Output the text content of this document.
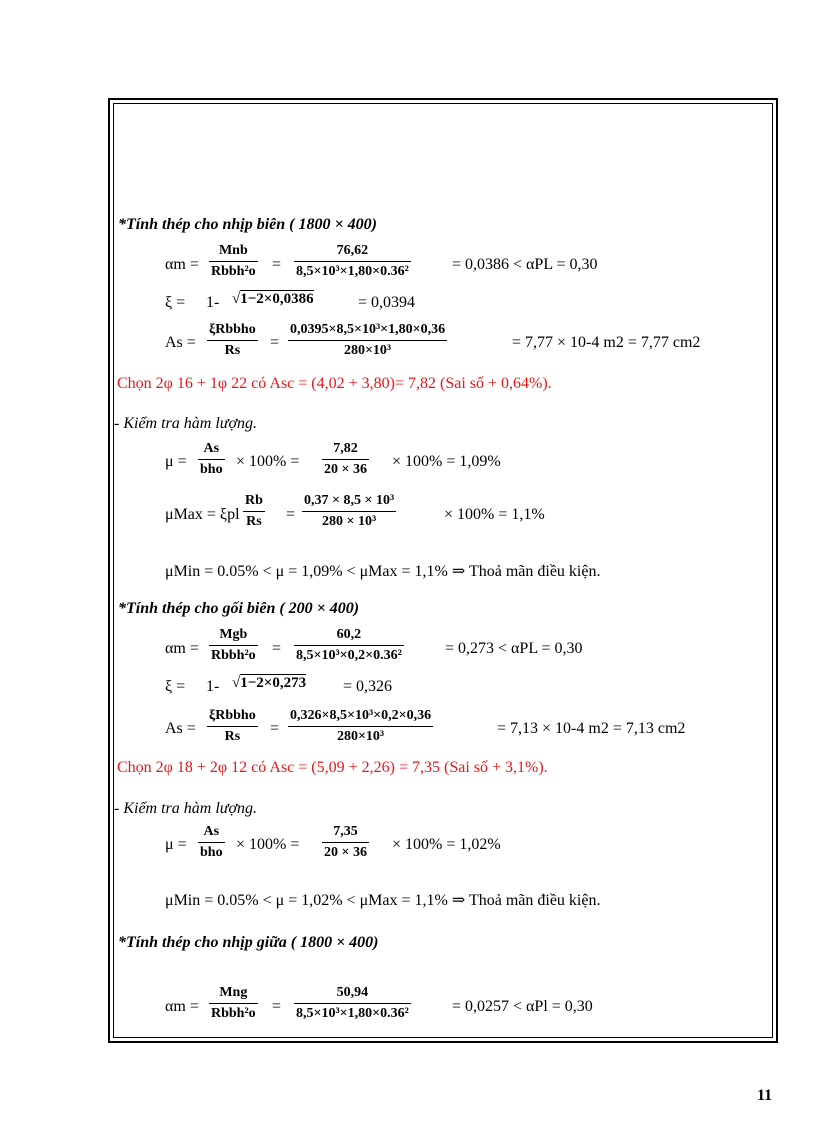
*Tính thép cho nhịp biên ( 1800 × 400)
αm =
Mnb
Rbbh²o =
76,62
8,5×10³×1,80×0.36²	= 0,0386 < αPL = 0,30
ξ = 1- √1−2×0,0386	= 0,0394
As =
ξRbbho
Rs =
0,0395×8,5×10³×1,80×0,36
280×10³	= 7,77 × 10-4 m2 = 7,77 cm2
Chọn 2φ 16 + 1φ 22 có Asc = (4,02 + 3,80)= 7,82 (Sai số + 0,64%).
- Kiểm tra hàm lượng.
μ =
As
bho × 100% =
7,82
20 × 36 × 100% = 1,09%
μMax = ξpl
Rb
Rs =
0,37 × 8,5 × 10³
280 × 10³	× 100% = 1,1%
μMin = 0.05% < μ = 1,09% < μMax = 1,1% ⇒ Thoả mãn điều kiện.
*Tính thép cho gối biên ( 200 × 400)
αm =
Mgb
Rbbh²o =
60,2
8,5×10³×0,2×0.36²	= 0,273 < αPL = 0,30
ξ = 1- √1−2×0,273 = 0,326
As =
ξRbbho
Rs =
0,326×8,5×10³×0,2×0,36
280×10³	= 7,13 × 10-4 m2 = 7,13 cm2
Chọn 2φ 18 + 2φ 12 có Asc = (5,09 + 2,26) = 7,35 (Sai số + 3,1%).
- Kiểm tra hàm lượng.
μ =
As
bho × 100% =
7,35
20 × 36 × 100% = 1,02%
μMin = 0.05% < μ = 1,02% < μMax = 1,1% ⇒ Thoả mãn điều kiện.
*Tính thép cho nhịp giữa ( 1800 × 400)
αm =
Mng
Rbbh²o =
50,94
8,5×10³×1,80×0.36²	= 0,0257 < αPl = 0,30
11
